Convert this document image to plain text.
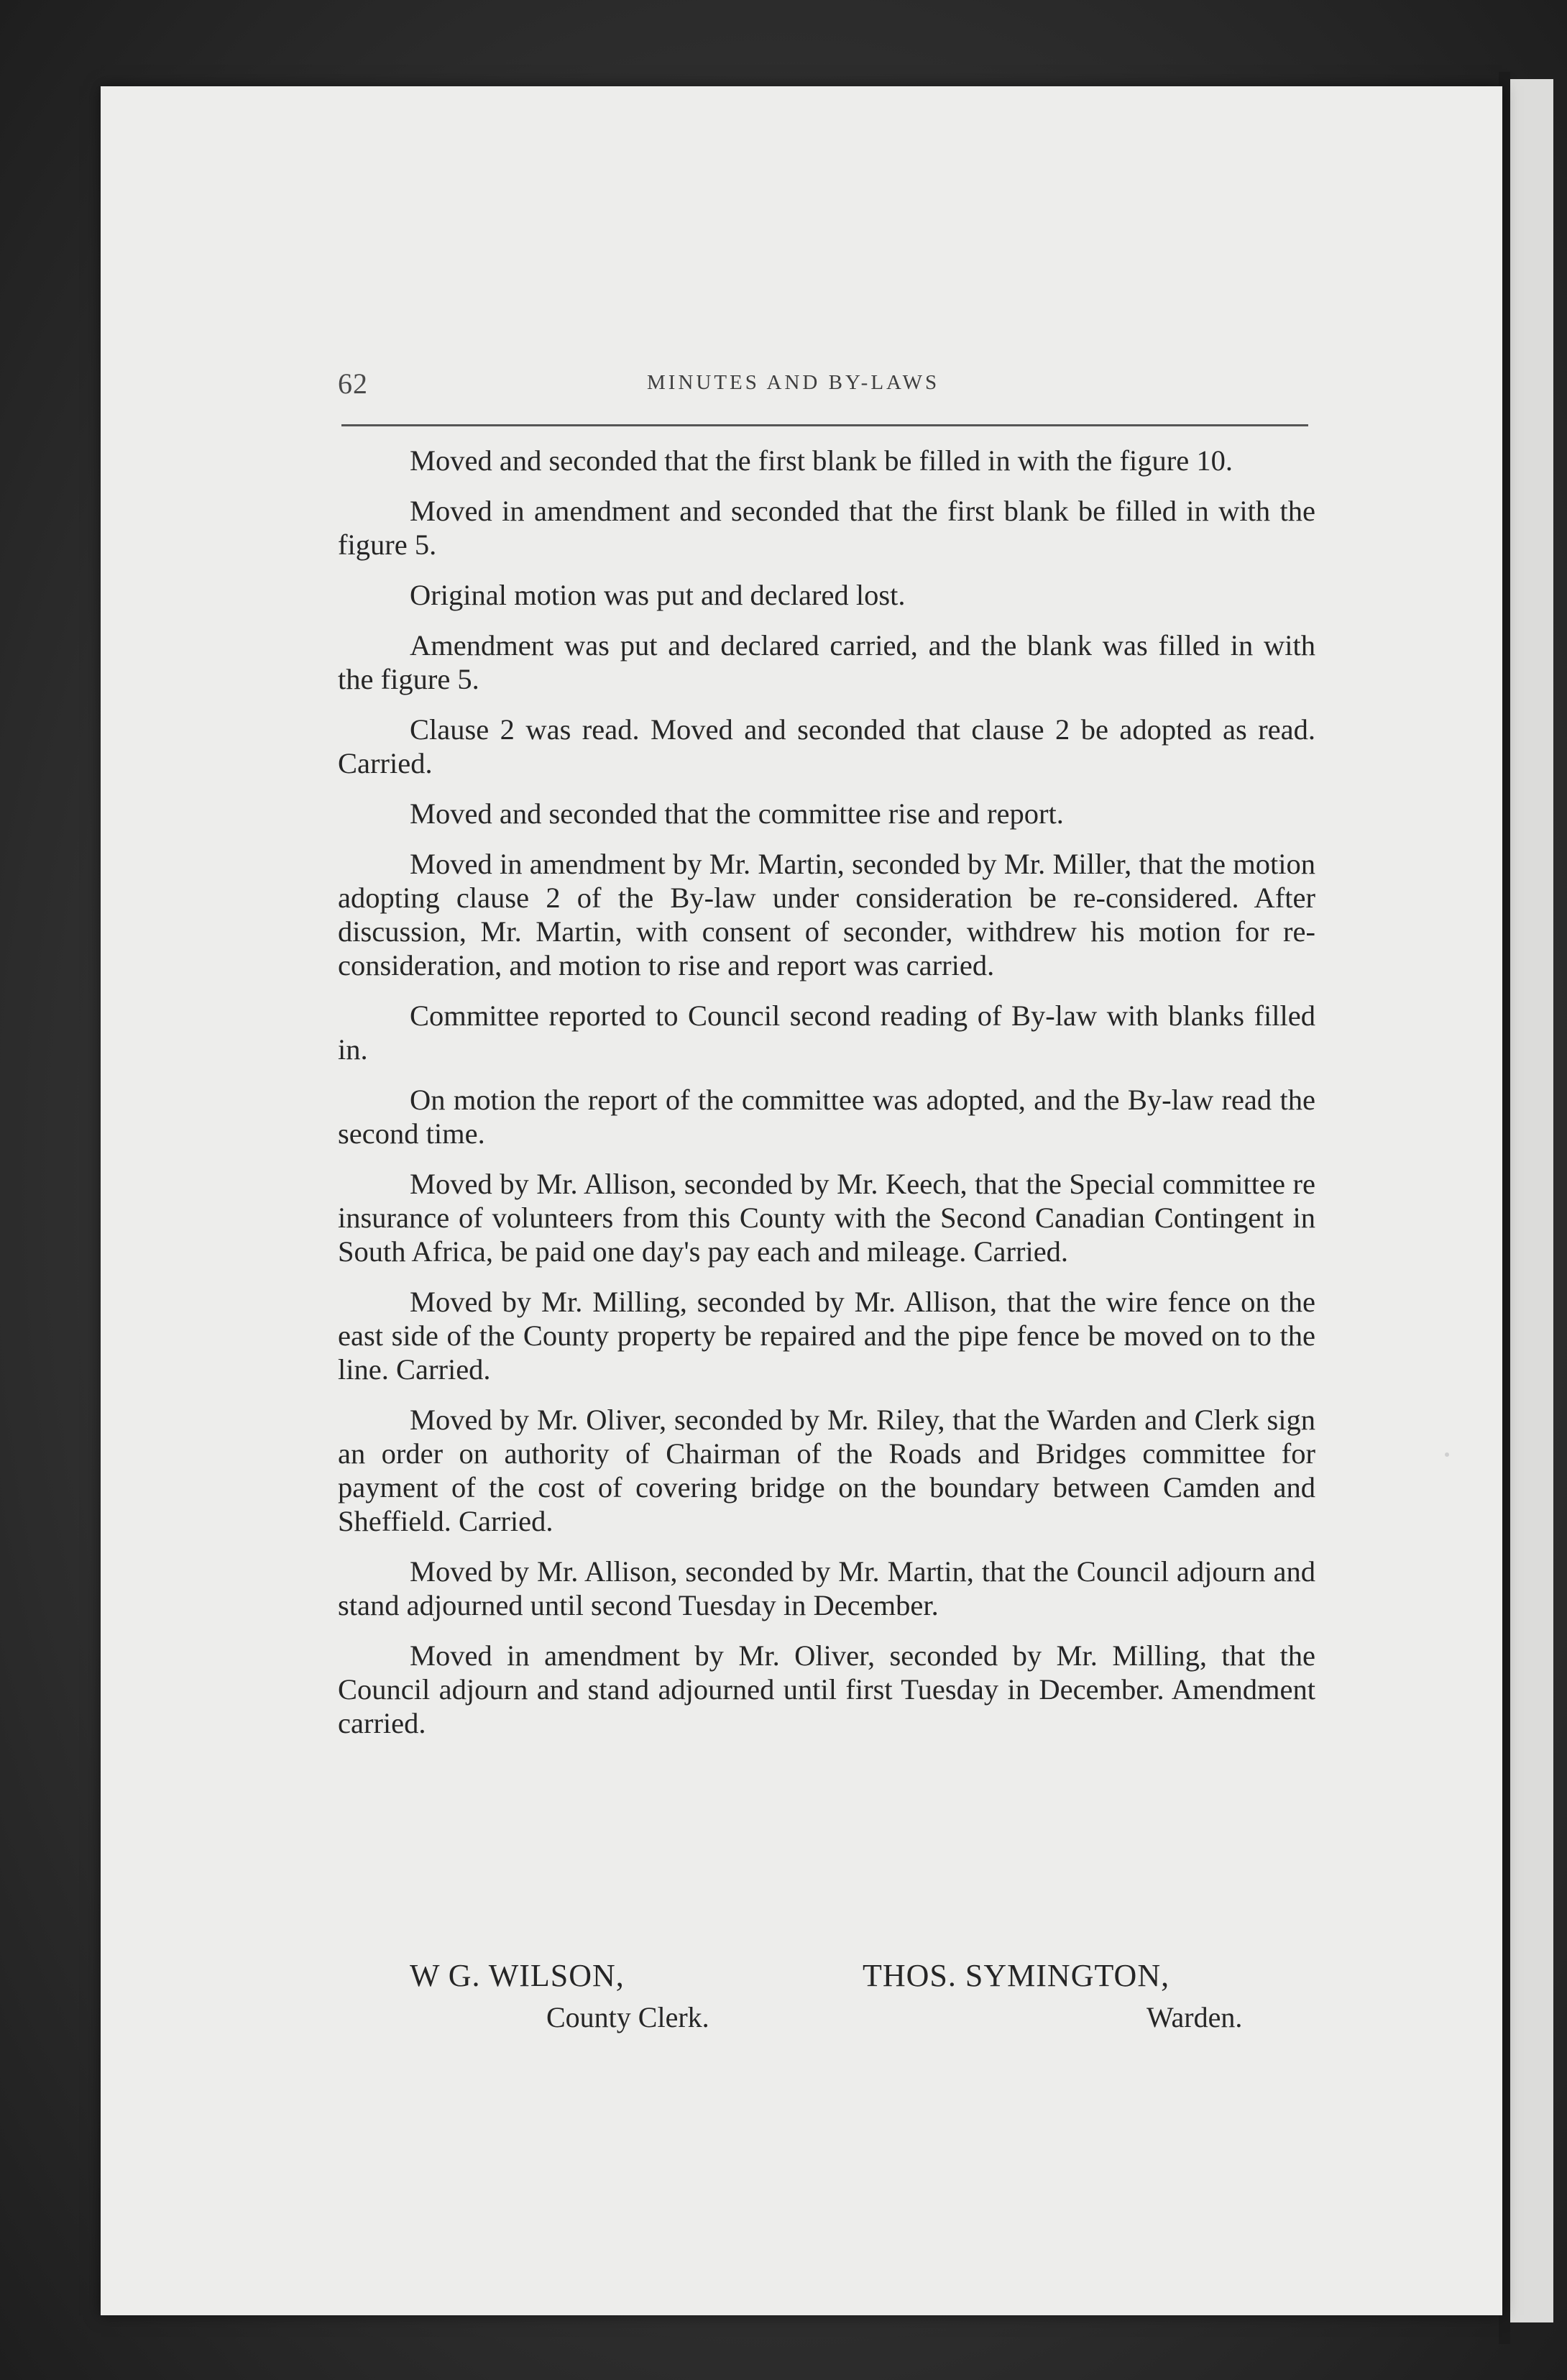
62	MINUTES AND BY-LAWS

Moved and seconded that the first blank be filled in with the figure 10.

Moved in amendment and seconded that the first blank be filled in with the figure 5.

Original motion was put and declared lost.

Amendment was put and declared carried, and the blank was filled in with the figure 5.

Clause 2 was read. Moved and seconded that clause 2 be adopted as read. Carried.

Moved and seconded that the committee rise and report.

Moved in amendment by Mr. Martin, seconded by Mr. Miller, that the motion adopting clause 2 of the By-law under consideration be re-considered. After discussion, Mr. Martin, with consent of seconder, withdrew his motion for re-consideration, and motion to rise and report was carried.

Committee reported to Council second reading of By-law with blanks filled in.

On motion the report of the committee was adopted, and the By-law read the second time.

Moved by Mr. Allison, seconded by Mr. Keech, that the Special committee re insurance of volunteers from this County with the Second Canadian Contingent in South Africa, be paid one day's pay each and mileage. Carried.

Moved by Mr. Milling, seconded by Mr. Allison, that the wire fence on the east side of the County property be repaired and the pipe fence be moved on to the line. Carried.

Moved by Mr. Oliver, seconded by Mr. Riley, that the Warden and Clerk sign an order on authority of Chairman of the Roads and Bridges committee for payment of the cost of covering bridge on the boundary between Camden and Sheffield. Carried.

Moved by Mr. Allison, seconded by Mr. Martin, that the Council adjourn and stand adjourned until second Tuesday in December.

Moved in amendment by Mr. Oliver, seconded by Mr. Milling, that the Council adjourn and stand adjourned until first Tuesday in December. Amendment carried.

W G. WILSON,
County Clerk.
THOS. SYMINGTON,
Warden.
